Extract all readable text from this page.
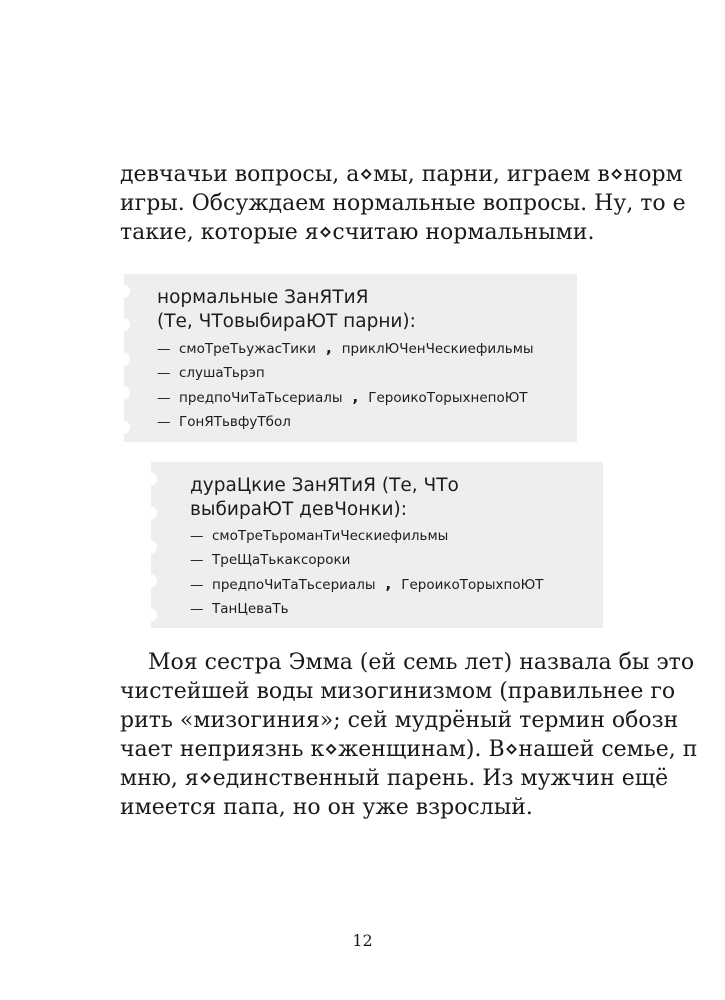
девчачьи вопросы, а⋄мы, парни, играем в⋄норм
игры. Обсуждаем нормальные вопросы. Ну, то е
такие, которые я⋄считаю нормальными.

нормальные ЗанЯТиЯ
(Те, ЧТовыбираЮТ парни):
— смоТреТьужасТики , приклЮЧенЧескиефильмы
— слушаТьрэп
— предпоЧиТаТьсериалы , ГероикоТорыхнепоЮТ
— ГонЯТьвфуТбол
дураЦкие ЗанЯТиЯ (Те, ЧТо
выбираЮТ девЧонки):
— смоТреТьроманТиЧескиефильмы
— ТреЩаТькаксороки
— предпоЧиТаТьсериалы , ГероикоТорыхпоЮТ
— ТанЦеваТь

Моя сестра Эмма (ей семь лет) назвала бы это
чистейшей воды мизогинизмом (правильнее го
рить «мизогиния»; сей мудрёный термин обозн
чает неприязнь к⋄женщинам). В⋄нашей семье, п
мню, я⋄единственный парень. Из мужчин ещё
имеется папа, но он уже взрослый.

12
